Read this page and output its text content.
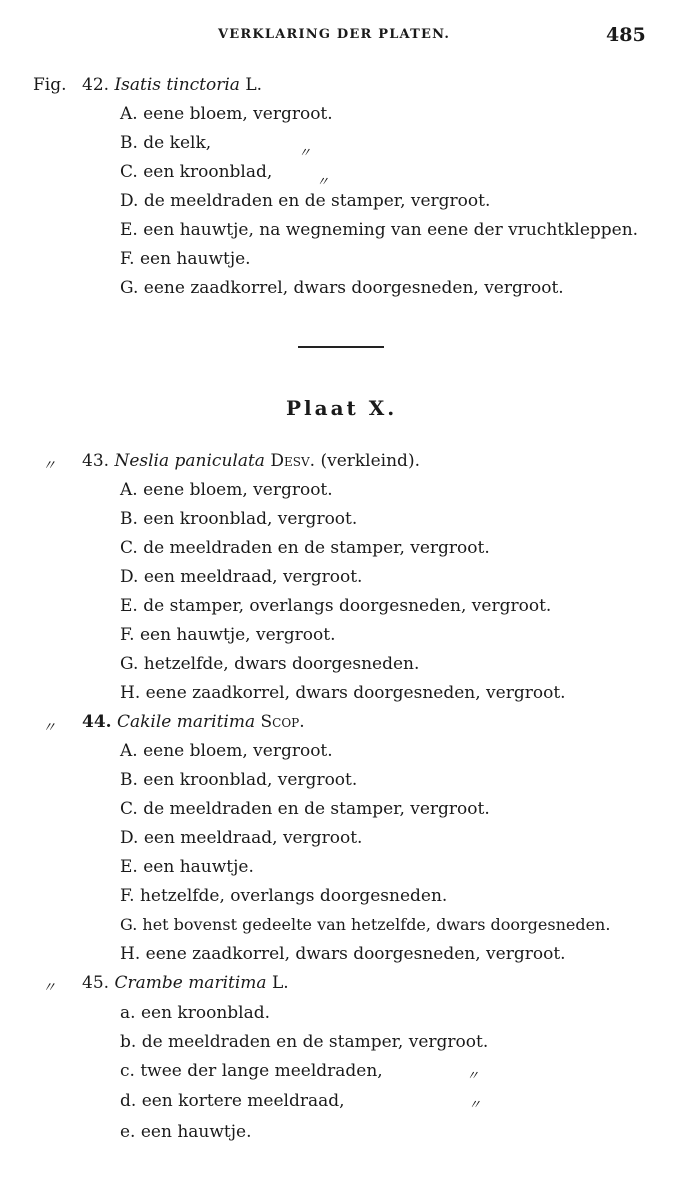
VERKLARING DER PLATEN.	485
Fig. 42. Isatis tinctoria L.
A. eene bloem, vergroot.
B. de kelk,
〃
C. een kroonblad,
〃
D. de meeldraden en de stamper, vergroot.
E. een hauwtje, na wegneming van eene der vruchtkleppen.
F. een hauwtje.
G. eene zaadkorrel, dwars doorgesneden, vergroot.
Plaat X.
〃 43. Neslia paniculata Desv. (verkleind).
A. eene bloem, vergroot.
B. een kroonblad, vergroot.
C. de meeldraden en de stamper, vergroot.
D. een meeldraad, vergroot.
E. de stamper, overlangs doorgesneden, vergroot.
F. een hauwtje, vergroot.
G. hetzelfde, dwars doorgesneden.
H. eene zaadkorrel, dwars doorgesneden, vergroot.
〃 44. Cakile maritima Scop.
A. eene bloem, vergroot.
B. een kroonblad, vergroot.
C. de meeldraden en de stamper, vergroot.
D. een meeldraad, vergroot.
E. een hauwtje.
F. hetzelfde, overlangs doorgesneden.
G. het bovenst gedeelte van hetzelfde, dwars doorgesneden.
H. eene zaadkorrel, dwars doorgesneden, vergroot.
〃 45. Crambe maritima L.
a. een kroonblad.
b. de meeldraden en de stamper, vergroot.
c. twee der lange meeldraden,	〃
d. een kortere meeldraad,	〃
e. een hauwtje.
